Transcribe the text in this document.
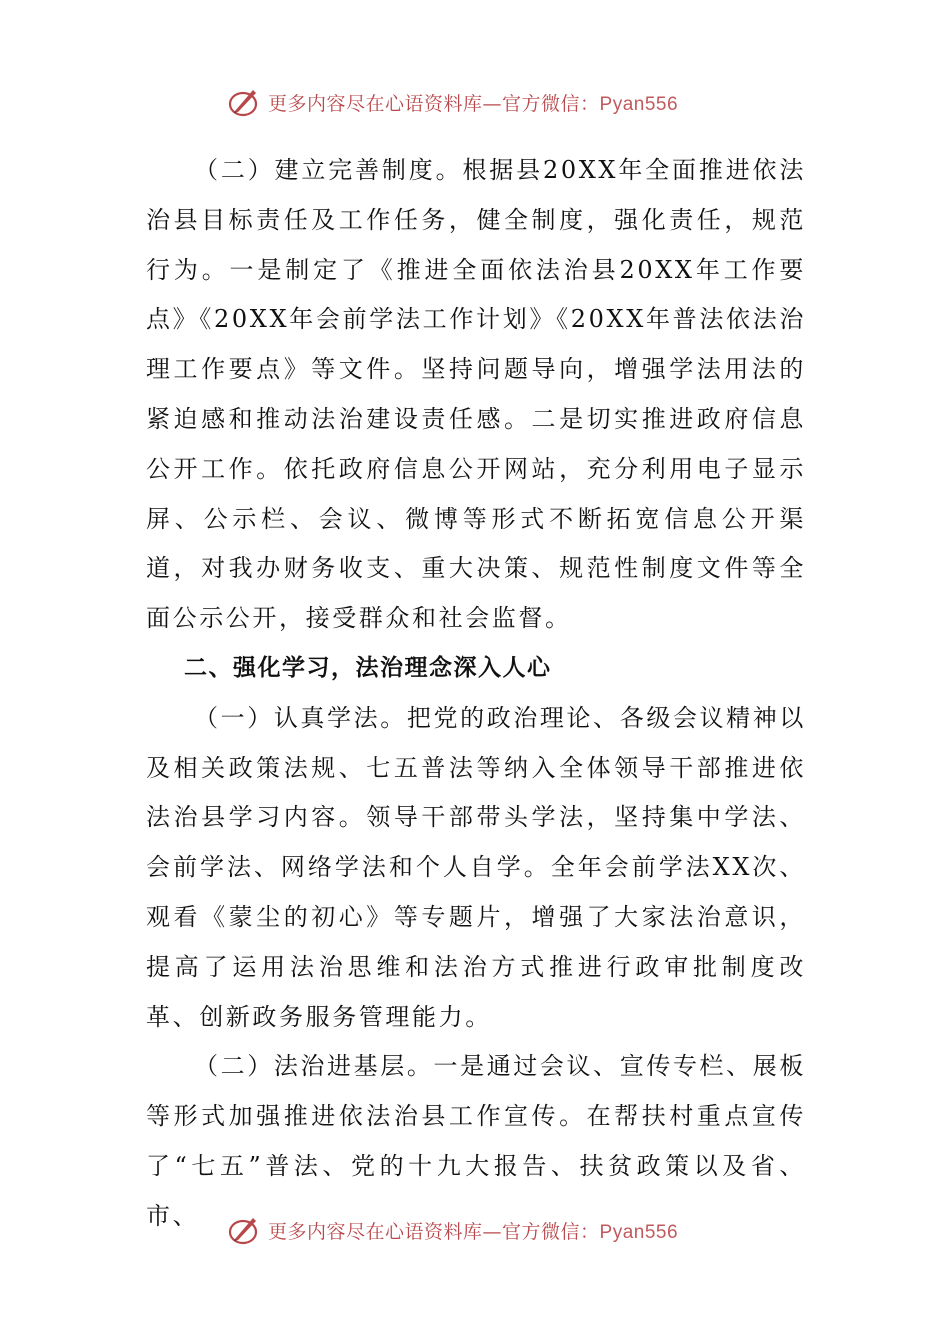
更多内容尽在心语资料库—官方微信：Pyan556

（二）建立完善制度。根据县20XX年全面推进依法治县目标责任及工作任务，健全制度，强化责任，规范行为。一是制定了《推进全面依法治县20XX年工作要点》《20XX年会前学法工作计划》《20XX年普法依法治理工作要点》等文件。坚持问题导向，增强学法用法的紧迫感和推动法治建设责任感。二是切实推进政府信息公开工作。依托政府信息公开网站，充分利用电子显示屏、公示栏、会议、微博等形式不断拓宽信息公开渠道，对我办财务收支、重大决策、规范性制度文件等全面公示公开，接受群众和社会监督。

二、强化学习，法治理念深入人心

（一）认真学法。把党的政治理论、各级会议精神以及相关政策法规、七五普法等纳入全体领导干部推进依法治县学习内容。领导干部带头学法，坚持集中学法、会前学法、网络学法和个人自学。全年会前学法XX次、观看《蒙尘的初心》等专题片，增强了大家法治意识，提高了运用法治思维和法治方式推进行政审批制度改革、创新政务服务管理能力。

（二）法治进基层。一是通过会议、宣传专栏、展板等形式加强推进依法治县工作宣传。在帮扶村重点宣传了“七五”普法、党的十九大报告、扶贫政策以及省、市、

更多内容尽在心语资料库—官方微信：Pyan556
